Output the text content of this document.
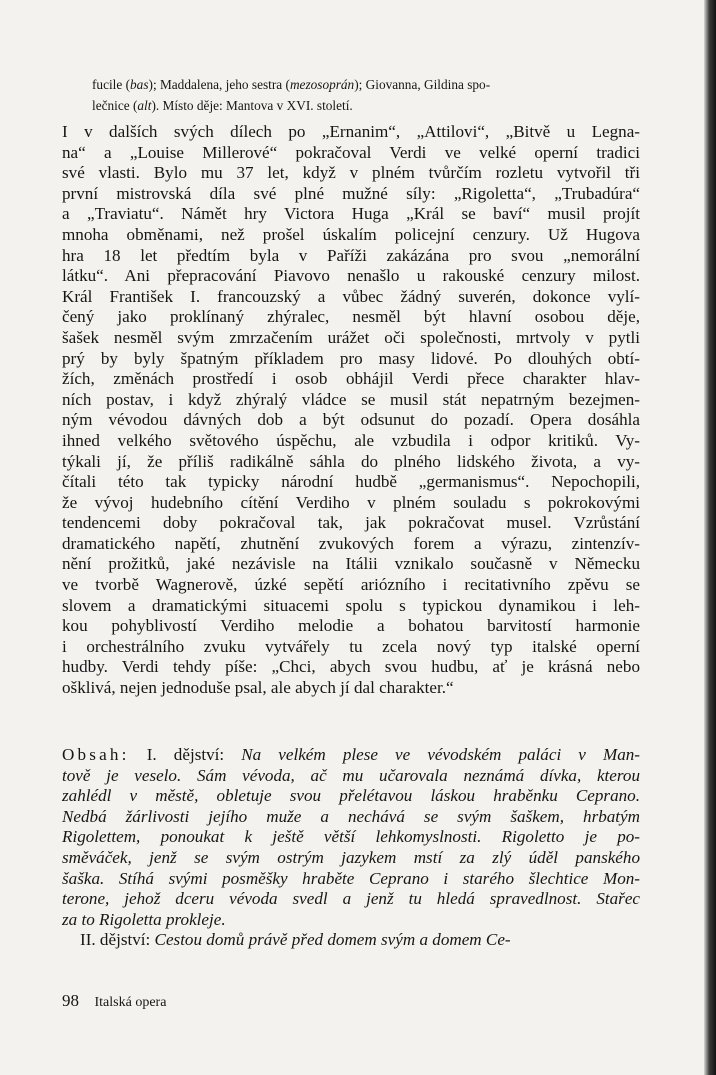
fucile (bas); Maddalena, jeho sestra (mezosoprán); Giovanna, Gildina spo-
lečnice (alt). Místo děje: Mantova v XVI. století.
I v dalších svých dílech po „Ernanim“, „Attilovi“, „Bitvě u Legna-
na“ a „Louise Millerové“ pokračoval Verdi ve velké operní tradici
své vlasti. Bylo mu 37 let, když v plném tvůrčím rozletu vytvořil tři
první mistrovská díla své plné mužné síly: „Rigoletta“, „Trubadúra“
a „Traviatu“. Námět hry Victora Huga „Král se baví“ musil projít
mnoha obměnami, než prošel úskalím policejní cenzury. Už Hugova
hra 18 let předtím byla v Paříži zakázána pro svou „nemorální
látku“. Ani přepracování Piavovo nenašlo u rakouské cenzury milost.
Král František I. francouzský a vůbec žádný suverén, dokonce vylí-
čený jako proklínaný zhýralec, nesměl být hlavní osobou děje,
šašek nesměl svým zmrzačením urážet oči společnosti, mrtvoly v pytli
prý by byly špatným příkladem pro masy lidové. Po dlouhých obtí-
žích, změnách prostředí i osob obhájil Verdi přece charakter hlav-
ních postav, i když zhýralý vládce se musil stát nepatrným bezejmen-
ným vévodou dávných dob a být odsunut do pozadí. Opera dosáhla
ihned velkého světového úspěchu, ale vzbudila i odpor kritiků. Vy-
týkali jí, že příliš radikálně sáhla do plného lidského života, a vy-
čítali této tak typicky národní hudbě „germanismus“. Nepochopili,
že vývoj hudebního cítění Verdiho v plném souladu s pokrokovými
tendencemi doby pokračoval tak, jak pokračovat musel. Vzrůstání
dramatického napětí, zhutnění zvukových forem a výrazu, zintenzív-
nění prožitků, jaké nezávisle na Itálii vznikalo současně v Německu
ve tvorbě Wagnerově, úzké sepětí ariózního i recitativního zpěvu se
slovem a dramatickými situacemi spolu s typickou dynamikou i leh-
kou pohyblivostí Verdiho melodie a bohatou barvitostí harmonie
i orchestrálního zvuku vytvářely tu zcela nový typ italské operní
hudby. Verdi tehdy píše: „Chci, abych svou hudbu, ať je krásná nebo
ošklivá, nejen jednoduše psal, ale abych jí dal charakter.“
Obsah: I. dějství: Na velkém plese ve vévodském paláci v Man-
tově je veselo. Sám vévoda, ač mu učarovala neznámá dívka, kterou
zahlédl v městě, obletuje svou přelétavou láskou hraběnku Ceprano.
Nedbá žárlivosti jejího muže a nechává se svým šaškem, hrbatým
Rigolettem, ponoukat k ještě větší lehkomyslnosti. Rigoletto je po-
směváček, jenž se svým ostrým jazykem mstí za zlý úděl panského
šaška. Stíhá svými posměšky hraběte Ceprano i starého šlechtice Mon-
terone, jehož dceru vévoda svedl a jenž tu hledá spravedlnost. Stařec
za to Rigoletta prokleje.
II. dějství: Cestou domů právě před domem svým a domem Ce-
98 Italská opera
